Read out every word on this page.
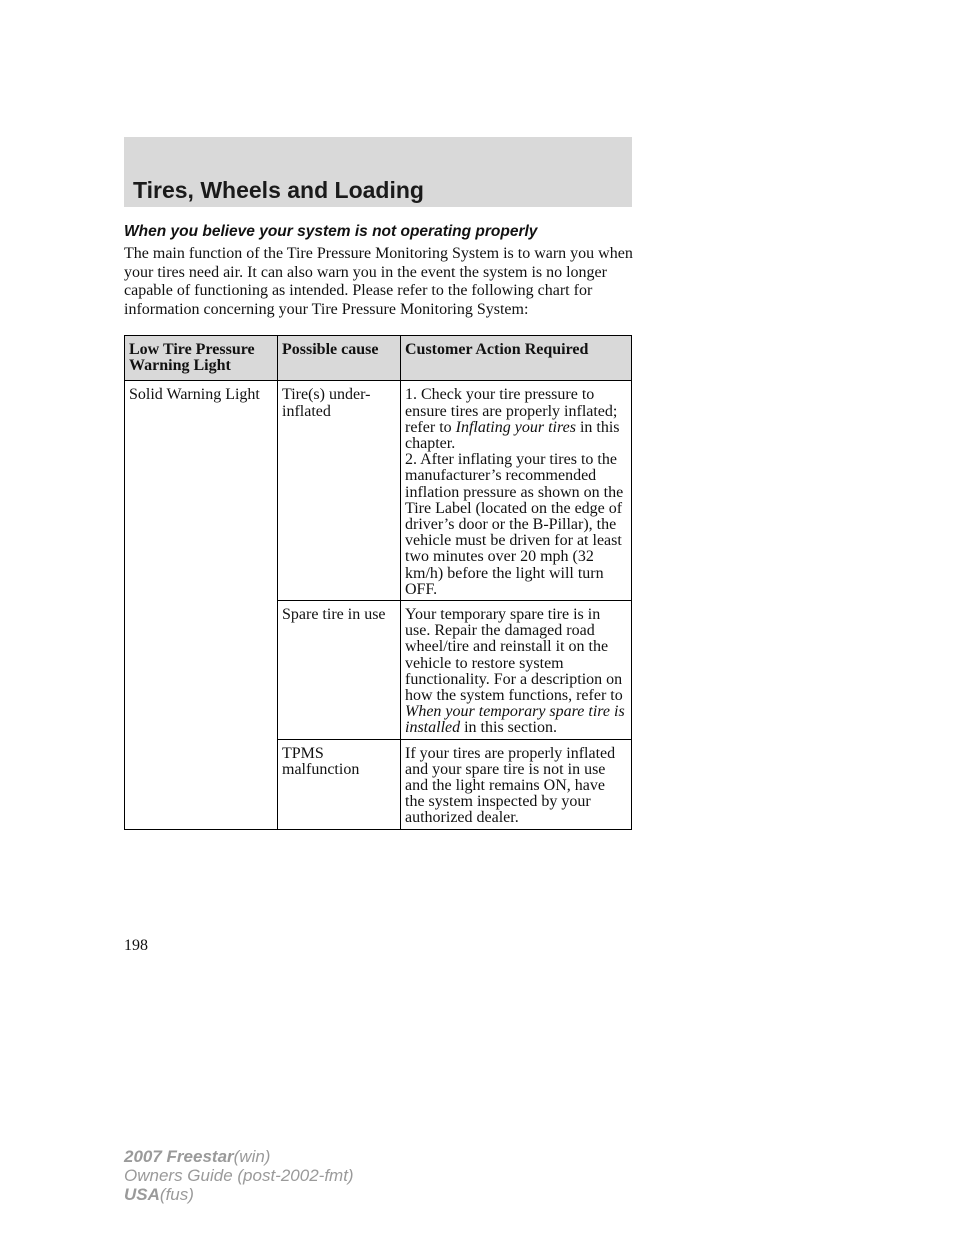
Tires, Wheels and Loading
When you believe your system is not operating properly

The main function of the Tire Pressure Monitoring System is to warn you when your tires need air. It can also warn you in the event the system is no longer capable of functioning as intended. Please refer to the following chart for information concerning your Tire Pressure Monitoring System:

Low Tire Pressure Warning Light	Possible cause	Customer Action Required
Solid Warning Light	Tire(s) under-inflated	1. Check your tire pressure to ensure tires are properly inflated; refer to Inflating your tires in this chapter.
2. After inflating your tires to the manufacturer’s recommended inflation pressure as shown on the Tire Label (located on the edge of driver’s door or the B-Pillar), the vehicle must be driven for at least two minutes over 20 mph (32 km/h) before the light will turn OFF.

	Spare tire in use	Your temporary spare tire is in use. Repair the damaged road wheel/tire and reinstall it on the vehicle to restore system functionality. For a description on how the system functions, refer to When your temporary spare tire is installed in this section.
	TPMS malfunction	If your tires are properly inflated and your spare tire is not in use and the light remains ON, have the system inspected by your authorized dealer.

198

2007 Freestar(win)
Owners Guide (post-2002-fmt)
USA(fus)
